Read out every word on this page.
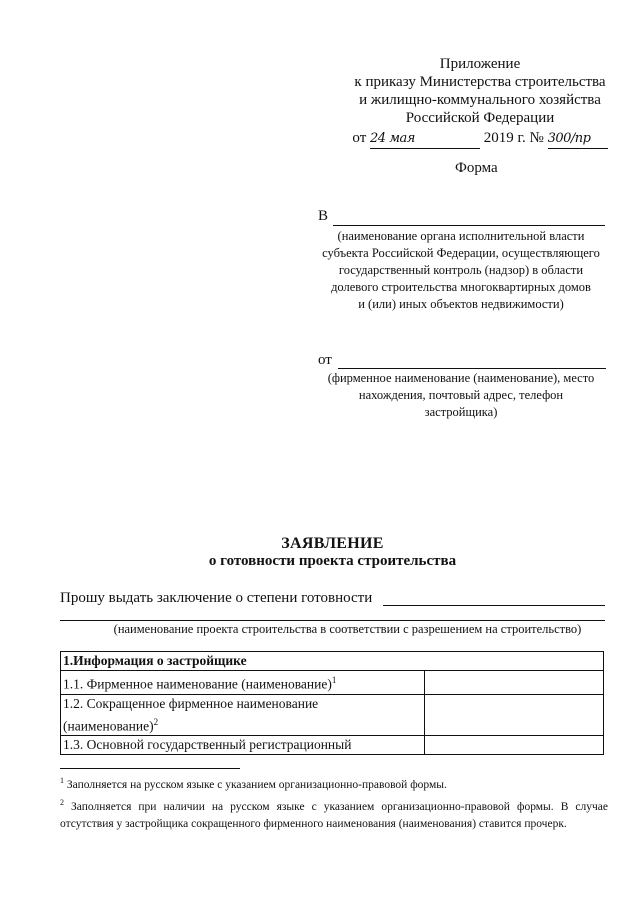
Приложение
к приказу Министерства строительства
и жилищно-коммунального хозяйства
Российской Федерации
от 24 мая	2019 г. № 300/пр
Форма
В
(наименование органа исполнительной власти
субъекта Российской Федерации, осуществляющего
государственный контроль (надзор) в области
долевого строительства многоквартирных домов
и (или) иных объектов недвижимости)
от
(фирменное наименование (наименование), место
нахождения, почтовый адрес, телефон
застройщика)
ЗАЯВЛЕНИЕ
о готовности проекта строительства
Прошу выдать заключение о степени готовности
(наименование проекта строительства в соответствии с разрешением на строительство)
1.Информация о застройщике	
1.1. Фирменное наименование (наименование)$^1$	

1.2. Сокращенное фирменное наименование
(наименование)$^2$

1.3. Основной государственный регистрационный	
$^1$ Заполняется на русском языке с указанием организационно-правовой формы.
$^2$ Заполняется при наличии на русском языке с указанием организационно-правовой формы. В случае отсутствия у застройщика сокращенного фирменного наименования (наименования) ставится прочерк.
